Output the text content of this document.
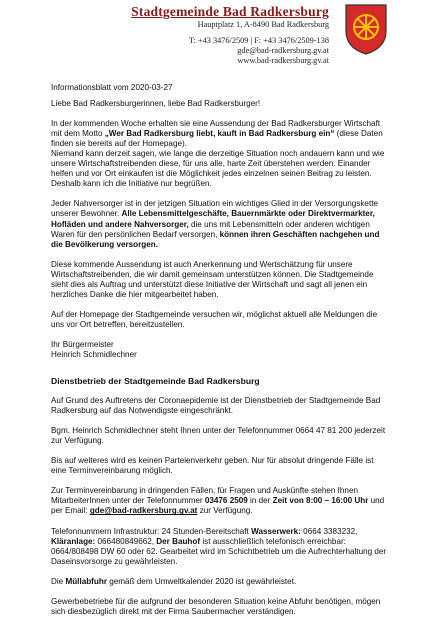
Stadtgemeinde Bad Radkersburg
Hauptplatz 1, A-8490 Bad Radkersburg
T: +43 3476/2509 | F: +43 3476/2509-138
gde@bad-radkersburg.gv.at
www.bad-radkersburg.gv.at

Informationsblatt vom 2020-03-27

Liebe Bad Radkersburgerinnen, liebe Bad Radkersburger!

In der kommenden Woche erhalten sie eine Aussendung der Bad Radkersburger Wirtschaft

mit dem Motto „Wer Bad Radkersburg liebt, kauft in Bad Radkersburg ein“ (diese Daten

finden sie bereits auf der Homepage).

Niemand kann derzeit sagen, wie lange die derzeitige Situation noch andauern kann und wie

unsere Wirtschaftstreibenden diese, für uns alle, harte Zeit überstehen werden. Einander

helfen und vor Ort einkaufen ist die Möglichkeit jedes einzelnen seinen Beitrag zu leisten.

Deshalb kann ich die Initiative nur begrüßen.

Jeder Nahversorger ist in der jetzigen Situation ein wichtiges Glied in der Versorgungskette

unserer Bewohner. Alle Lebensmittelgeschäfte, Bauernmärkte oder Direktvermarkter,

Hofläden und andere Nahversorger, die uns mit Lebensmitteln oder anderen wichtigen

Waren für den persönlichen Bedarf versorgen, können ihren Geschäften nachgehen und

die Bevölkerung versorgen.

Diese kommende Aussendung ist auch Anerkennung und Wertschätzung für unsere

Wirtschaftstreibenden, die wir damit gemeinsam unterstützen können. Die Stadtgemeinde

sieht dies als Auftrag und unterstützt diese Initiative der Wirtschaft und sagt all jenen ein

herzliches Danke die hier mitgearbeitet haben.

Auf der Homepage der Stadtgemeinde versuchen wir, möglichst aktuell alle Meldungen die

uns vor Ort betreffen, bereitzustellen.

Ihr Bürgermeister

Heinrich Schmidlechner

Dienstbetrieb der Stadtgemeinde Bad Radkersburg

Auf Grund des Auftretens der Coronaepidemie ist der Dienstbetrieb der Stadtgemeinde Bad

Radkersburg auf das Notwendigste eingeschränkt.

Bgm. Heinrich Schmidlechner steht Ihnen unter der Telefonnummer 0664 47 81 200 jederzeit

zur Verfügung.

Bis auf weiteres wird es keinen Parteienverkehr geben. Nur für absolut dringende Fälle ist

eine Terminvereinbarung möglich.

Zur Terminvereinbarung in dringenden Fällen, für Fragen und Auskünfte stehen Ihnen

MitarbeiterInnen unter der Telefonnummer 03476 2509 in der Zeit von 8:00 – 16:00 Uhr und

per Email: gde@bad-radkersburg.gv.at zur Verfügung.

Telefonnummern Infrastruktur: 24 Stunden-Bereitschaft Wasserwerk: 0664 3383232,

Kläranlage: 066480849662, Der Bauhof ist ausschließlich telefonisch erreichbar:

0664/808498 DW 60 oder 62. Gearbeitet wird im Schichtbetrieb um die Aufrechterhaltung der

Daseinsvorsorge zu gewährleisten.

Die Müllabfuhr gemäß dem Umweltkalender 2020 ist gewährleistet.

Gewerbebetriebe für die aufgrund der besonderen Situation keine Abfuhr benötigen, mögen

sich diesbezüglich direkt mit der Firma Saubermacher verständigen.
